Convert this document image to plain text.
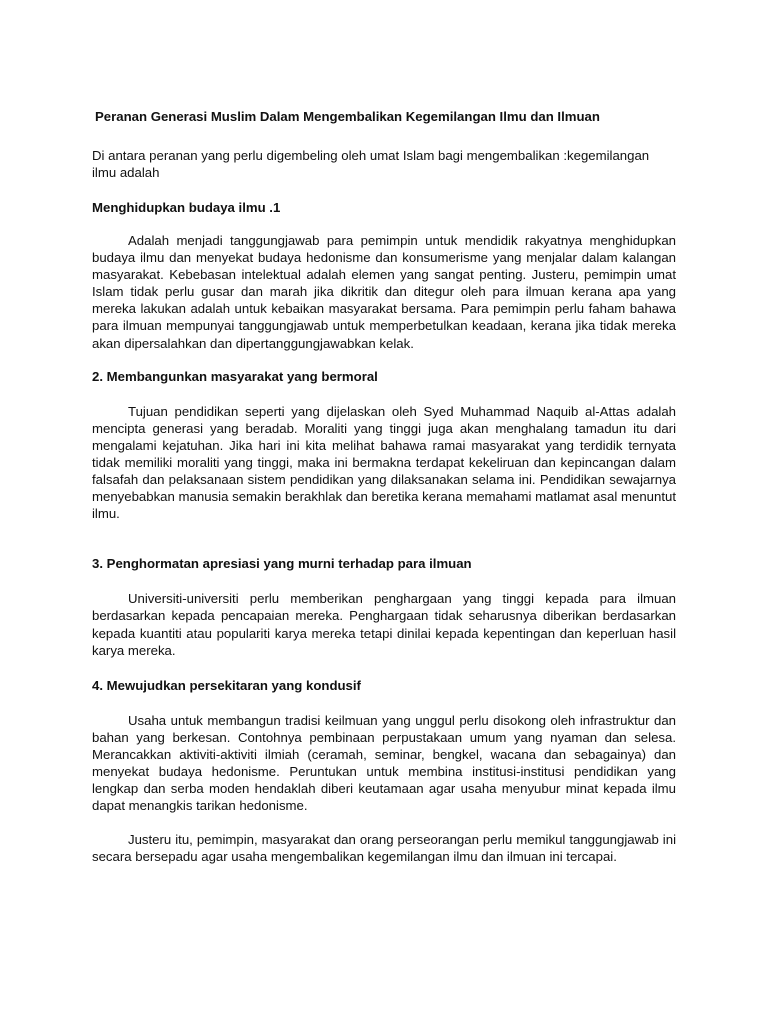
Peranan Generasi Muslim Dalam Mengembalikan Kegemilangan Ilmu dan Ilmuan
Di antara peranan yang perlu digembeling oleh umat Islam bagi mengembalikan :kegemilangan ilmu adalah
Menghidupkan budaya ilmu .1
Adalah menjadi tanggungjawab para pemimpin untuk mendidik rakyatnya menghidupkan budaya ilmu dan menyekat budaya hedonisme dan konsumerisme yang menjalar dalam kalangan masyarakat. Kebebasan intelektual adalah elemen yang sangat penting. Justeru, pemimpin umat Islam tidak perlu gusar dan marah jika dikritik dan ditegur oleh para ilmuan kerana apa yang mereka lakukan adalah untuk kebaikan masyarakat bersama. Para pemimpin perlu faham bahawa para ilmuan mempunyai tanggungjawab untuk memperbetulkan keadaan, kerana jika tidak mereka akan dipersalahkan dan dipertanggungjawabkan kelak.
2. Membangunkan masyarakat yang bermoral
Tujuan pendidikan seperti yang dijelaskan oleh Syed Muhammad Naquib al-Attas adalah mencipta generasi yang beradab. Moraliti yang tinggi juga akan menghalang tamadun itu dari mengalami kejatuhan. Jika hari ini kita melihat bahawa ramai masyarakat yang terdidik ternyata tidak memiliki moraliti yang tinggi, maka ini bermakna terdapat kekeliruan dan kepincangan dalam falsafah dan pelaksanaan sistem pendidikan yang dilaksanakan selama ini. Pendidikan sewajarnya menyebabkan manusia semakin berakhlak dan beretika kerana memahami matlamat asal menuntut ilmu.
3. Penghormatan apresiasi yang murni terhadap para ilmuan
Universiti-universiti perlu memberikan penghargaan yang tinggi kepada para ilmuan berdasarkan kepada pencapaian mereka. Penghargaan tidak seharusnya diberikan berdasarkan kepada kuantiti atau populariti karya mereka tetapi dinilai kepada kepentingan dan keperluan hasil karya mereka.
4. Mewujudkan persekitaran yang kondusif
Usaha untuk membangun tradisi keilmuan yang unggul perlu disokong oleh infrastruktur dan bahan yang berkesan. Contohnya pembinaan perpustakaan umum yang nyaman dan selesa. Merancakkan aktiviti-aktiviti ilmiah (ceramah, seminar, bengkel, wacana dan sebagainya) dan menyekat budaya hedonisme. Peruntukan untuk membina institusi-institusi pendidikan yang lengkap dan serba moden hendaklah diberi keutamaan agar usaha menyubur minat kepada ilmu dapat menangkis tarikan hedonisme.
Justeru itu, pemimpin, masyarakat dan orang perseorangan perlu memikul tanggungjawab ini secara bersepadu agar usaha mengembalikan kegemilangan ilmu dan ilmuan ini tercapai.
